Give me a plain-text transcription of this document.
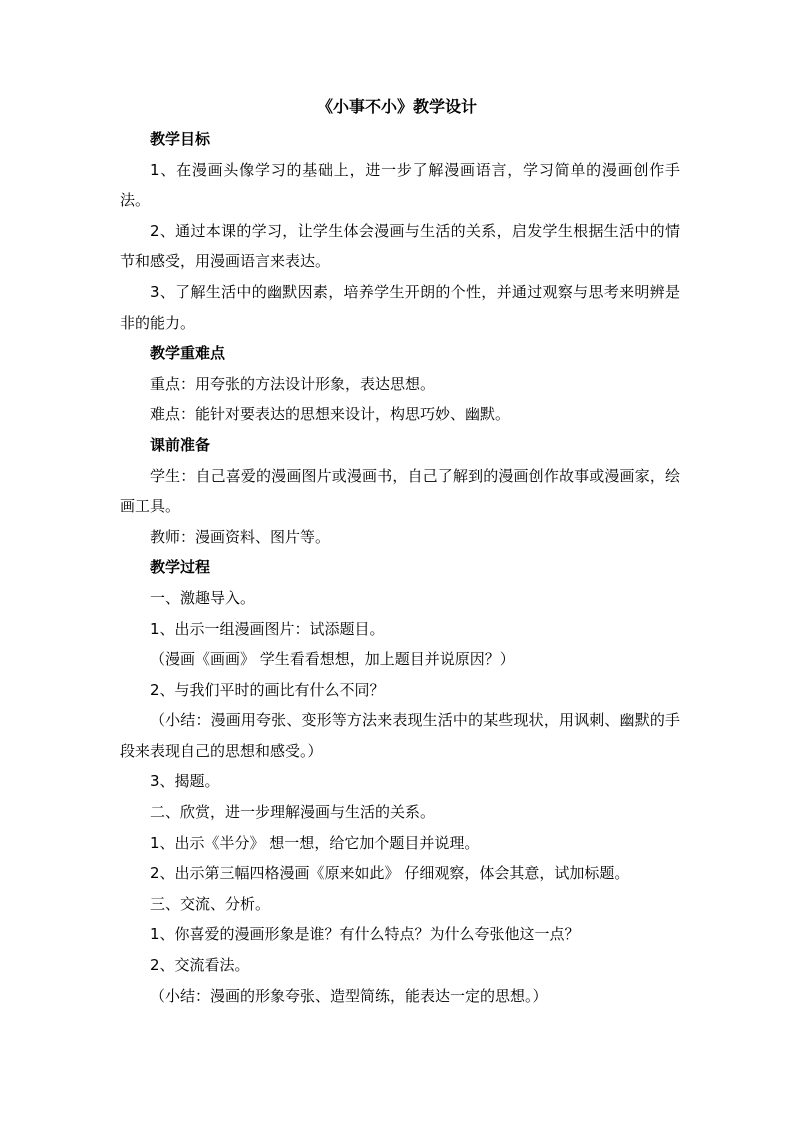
《小事不小》教学设计

教学目标

1、在漫画头像学习的基础上，进一步了解漫画语言，学习简单的漫画创作手法。

2、通过本课的学习，让学生体会漫画与生活的关系，启发学生根据生活中的情节和感受，用漫画语言来表达。

3、了解生活中的幽默因素，培养学生开朗的个性，并通过观察与思考来明辨是非的能力。

教学重难点

重点：用夸张的方法设计形象，表达思想。

难点：能针对要表达的思想来设计，构思巧妙、幽默。

课前准备

学生：自己喜爱的漫画图片或漫画书，自己了解到的漫画创作故事或漫画家，绘画工具。

教师：漫画资料、图片等。

教学过程

一、激趣导入。

1、出示一组漫画图片：试添题目。

（漫画《画画》 学生看看想想，加上题目并说原因？）

2、与我们平时的画比有什么不同？

（小结：漫画用夸张、变形等方法来表现生活中的某些现状，用讽刺、幽默的手段来表现自己的思想和感受。）

3、揭题。

二、欣赏，进一步理解漫画与生活的关系。

1、出示《半分》 想一想，给它加个题目并说理。

2、出示第三幅四格漫画《原来如此》 仔细观察，体会其意，试加标题。

三、交流、分析。

1、你喜爱的漫画形象是谁？有什么特点？为什么夸张他这一点？

2、交流看法。

（小结：漫画的形象夸张、造型简练，能表达一定的思想。）
